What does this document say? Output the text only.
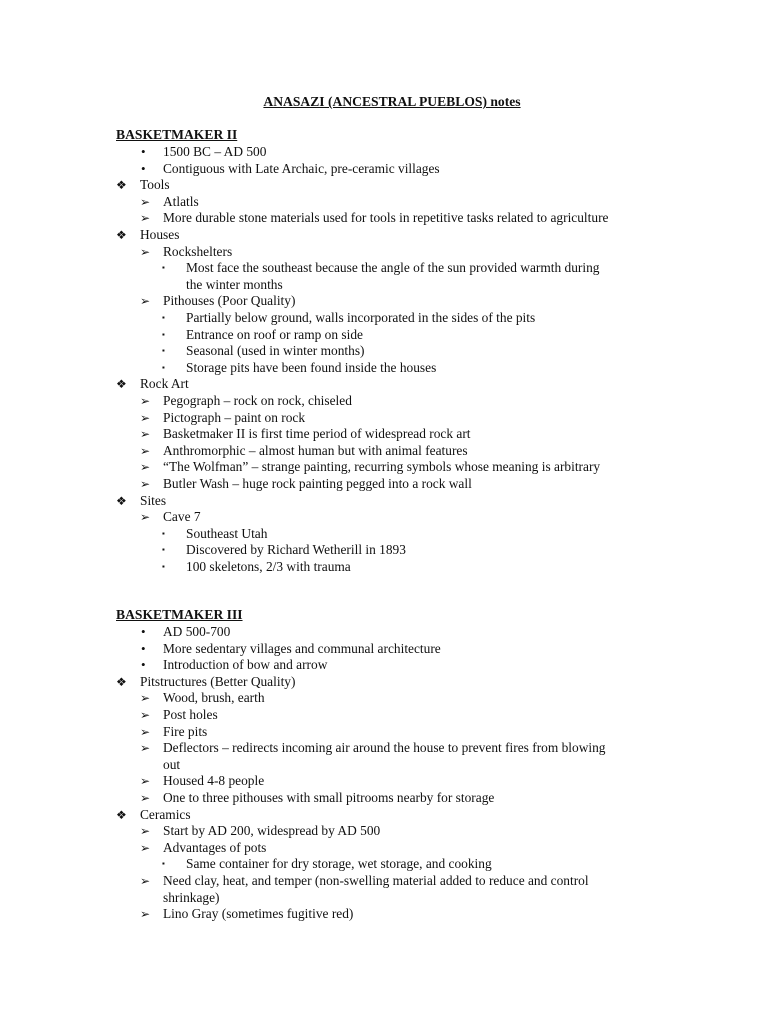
ANASAZI (ANCESTRAL PUEBLOS) notes
BASKETMAKER II
• 1500 BC – AD 500
• Contiguous with Late Archaic, pre-ceramic villages
❖ Tools
➢ Atlatls
➢ More durable stone materials used for tools in repetitive tasks related to agriculture
❖ Houses
➢ Rockshelters
▪ Most face the southeast because the angle of the sun provided warmth during
the winter months
➢ Pithouses (Poor Quality)
▪ Partially below ground, walls incorporated in the sides of the pits
▪ Entrance on roof or ramp on side
▪ Seasonal (used in winter months)
▪ Storage pits have been found inside the houses
❖ Rock Art
➢ Pegograph – rock on rock, chiseled
➢ Pictograph – paint on rock
➢ Basketmaker II is first time period of widespread rock art
➢ Anthromorphic – almost human but with animal features
➢ “The Wolfman” – strange painting, recurring symbols whose meaning is arbitrary
➢ Butler Wash – huge rock painting pegged into a rock wall
❖ Sites
➢ Cave 7
▪ Southeast Utah
▪ Discovered by Richard Wetherill in 1893
▪ 100 skeletons, 2/3 with trauma
BASKETMAKER III
• AD 500-700
• More sedentary villages and communal architecture
• Introduction of bow and arrow
❖ Pitstructures (Better Quality)
➢ Wood, brush, earth
➢ Post holes
➢ Fire pits
➢ Deflectors – redirects incoming air around the house to prevent fires from blowing
out
➢ Housed 4-8 people
➢ One to three pithouses with small pitrooms nearby for storage
❖ Ceramics
➢ Start by AD 200, widespread by AD 500
➢ Advantages of pots
▪ Same container for dry storage, wet storage, and cooking
➢ Need clay, heat, and temper (non-swelling material added to reduce and control
shrinkage)
➢ Lino Gray (sometimes fugitive red)
